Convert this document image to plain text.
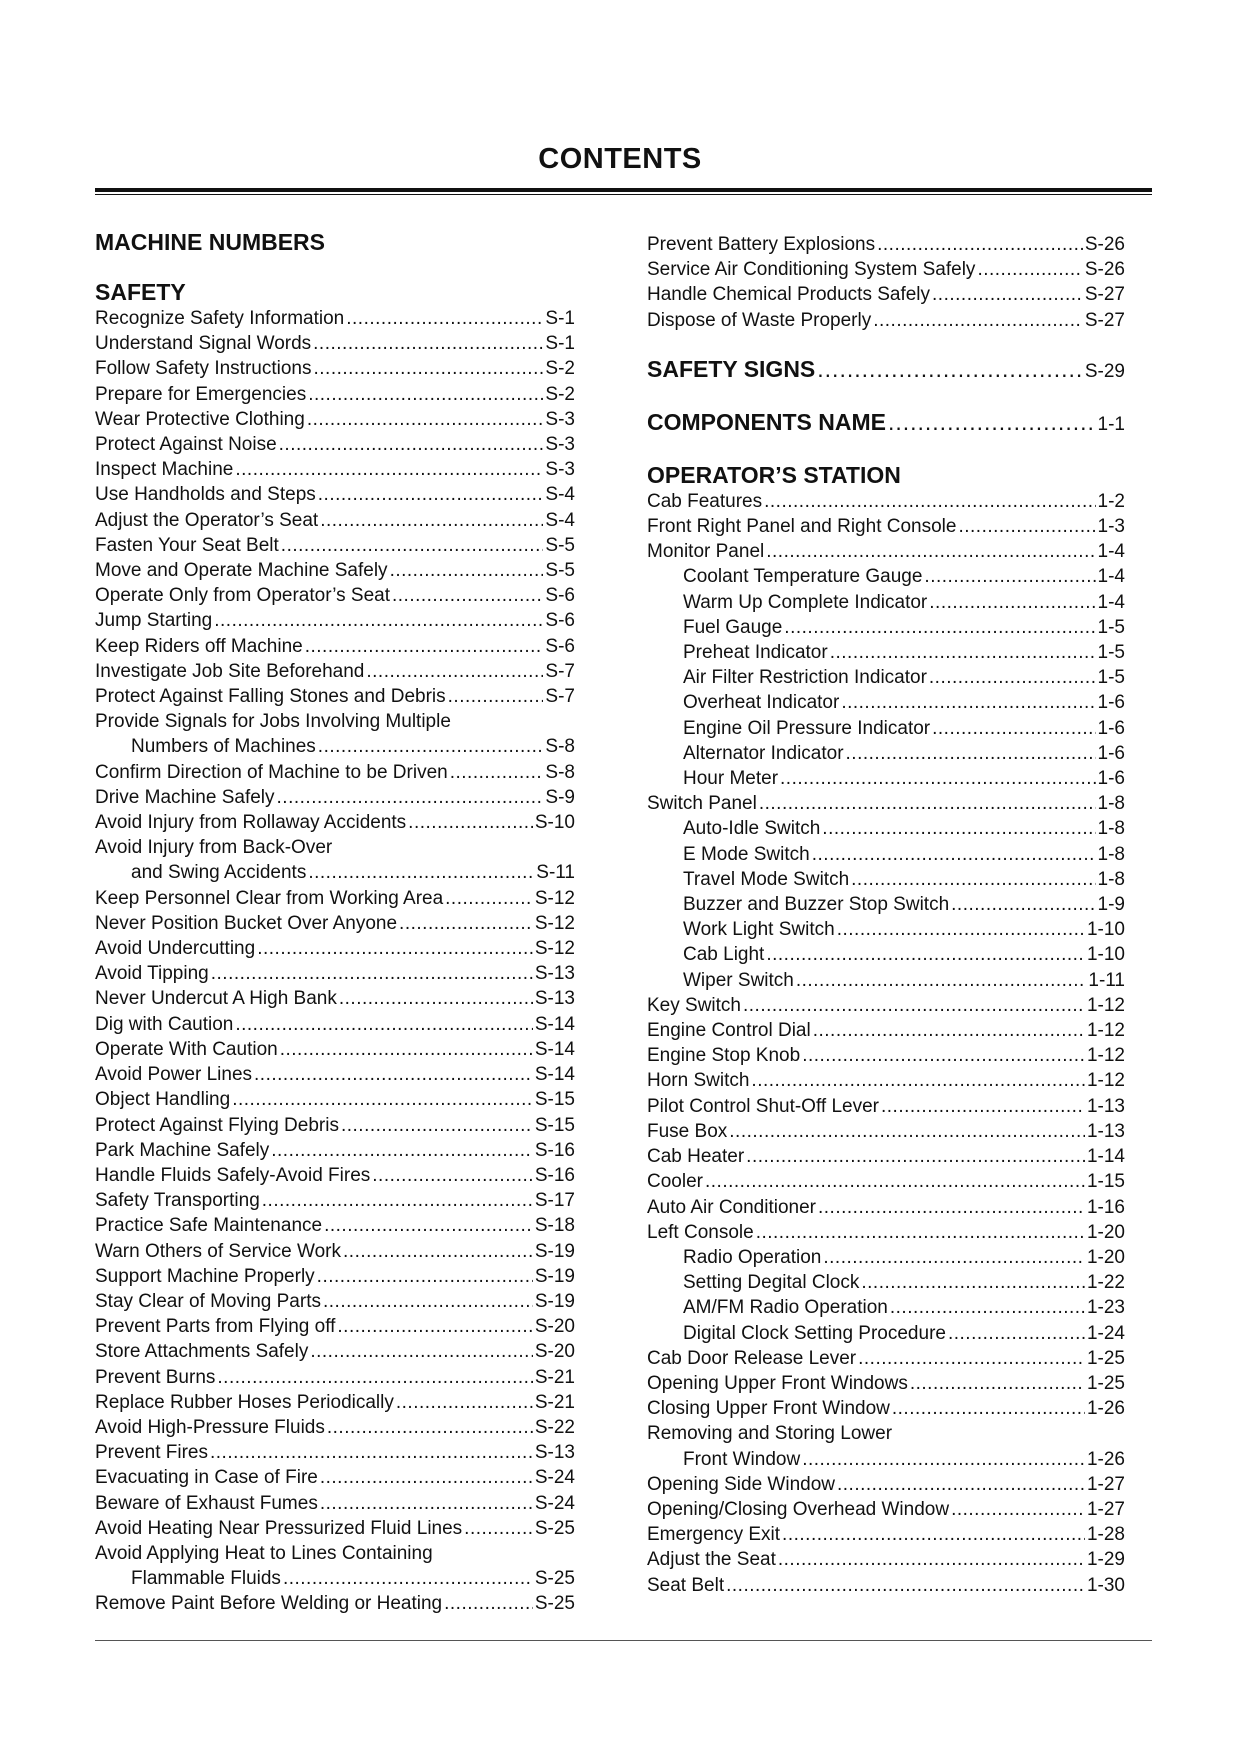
CONTENTS
MACHINE NUMBERS
SAFETY
Recognize Safety Information .....	S-1
Understand Signal Words .....	S-1
Follow Safety Instructions .....	S-2
Prepare for Emergencies .....	S-2
Wear Protective Clothing .....	S-3
Protect Against Noise .....	S-3
Inspect Machine .....	S-3
Use Handholds and Steps .....	S-4
Adjust the Operator’s Seat .....	S-4
Fasten Your Seat Belt .....	S-5
Move and Operate Machine Safely .....	S-5
Operate Only from Operator’s Seat .....	S-6
Jump Starting .....	S-6
Keep Riders off Machine .....	S-6
Investigate Job Site Beforehand .....	S-7
Protect Against Falling Stones and Debris .....	S-7
Provide Signals for Jobs Involving Multiple
Numbers of Machines .....	S-8
Confirm Direction of Machine to be Driven .....	S-8
Drive Machine Safely .....	S-9
Avoid Injury from Rollaway Accidents .....	S-10
Avoid Injury from Back-Over
and Swing Accidents .....	S-11
Keep Personnel Clear from Working Area .....	S-12
Never Position Bucket Over Anyone .....	S-12
Avoid Undercutting .....	S-12
Avoid Tipping .....	S-13
Never Undercut A High Bank .....	S-13
Dig with Caution .....	S-14
Operate With Caution .....	S-14
Avoid Power Lines .....	S-14
Object Handling .....	S-15
Protect Against Flying Debris .....	S-15
Park Machine Safely .....	S-16
Handle Fluids Safely-Avoid Fires .....	S-16
Safety Transporting .....	S-17
Practice Safe Maintenance .....	S-18
Warn Others of Service Work .....	S-19
Support Machine Properly .....	S-19
Stay Clear of Moving Parts .....	S-19
Prevent Parts from Flying off .....	S-20
Store Attachments Safely .....	S-20
Prevent Burns .....	S-21
Replace Rubber Hoses Periodically .....	S-21
Avoid High-Pressure Fluids .....	S-22
Prevent Fires .....	S-13
Evacuating in Case of Fire .....	S-24
Beware of Exhaust Fumes .....	S-24
Avoid Heating Near Pressurized Fluid Lines .....	S-25
Avoid Applying Heat to Lines Containing
Flammable Fluids .....	S-25
Remove Paint Before Welding or Heating .....	S-25
Prevent Battery Explosions .....	S-26
Service Air Conditioning System Safely .....	S-26
Handle Chemical Products Safely .....	S-27
Dispose of Waste Properly .....	S-27
SAFETY SIGNS .....	S-29
COMPONENTS NAME .....	1-1
OPERATOR’S STATION
Cab Features .....	1-2
Front Right Panel and Right Console .....	1-3
Monitor Panel .....	1-4
Coolant Temperature Gauge .....	1-4
Warm Up Complete Indicator .....	1-4
Fuel Gauge .....	1-5
Preheat Indicator .....	1-5
Air Filter Restriction Indicator .....	1-5
Overheat Indicator .....	1-6
Engine Oil Pressure Indicator .....	1-6
Alternator Indicator .....	1-6
Hour Meter .....	1-6
Switch Panel .....	1-8
Auto-Idle Switch .....	1-8
E Mode Switch .....	1-8
Travel Mode Switch .....	1-8
Buzzer and Buzzer Stop Switch .....	1-9
Work Light Switch .....	1-10
Cab Light .....	1-10
Wiper Switch .....	1-11
Key Switch .....	1-12
Engine Control Dial .....	1-12
Engine Stop Knob .....	1-12
Horn Switch .....	1-12
Pilot Control Shut-Off Lever .....	1-13
Fuse Box .....	1-13
Cab Heater .....	1-14
Cooler .....	1-15
Auto Air Conditioner .....	1-16
Left Console .....	1-20
Radio Operation .....	1-20
Setting Degital Clock .....	1-22
AM/FM Radio Operation .....	1-23
Digital Clock Setting Procedure .....	1-24
Cab Door Release Lever .....	1-25
Opening Upper Front Windows .....	1-25
Closing Upper Front Window .....	1-26
Removing and Storing Lower
Front Window .....	1-26
Opening Side Window .....	1-27
Opening/Closing Overhead Window .....	1-27
Emergency Exit .....	1-28
Adjust the Seat .....	1-29
Seat Belt .....	1-30
